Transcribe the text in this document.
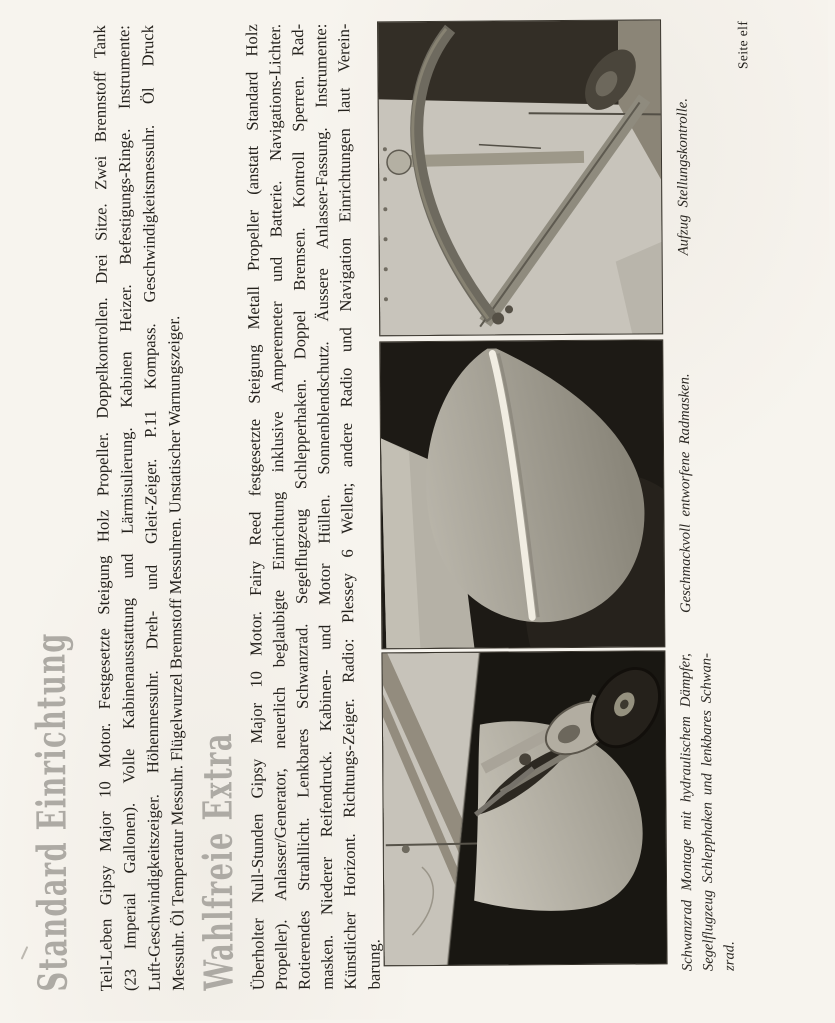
Standard Einrichtung Teil-Leben Gipsy Major 10 Motor. Festgesetzte Steigung Holz Propeller. Doppelkontrollen. Drei Sitze. Zwei Brennstoff Tank
(23 Imperial Gallonen). Volle Kabinenausstattung und Lärmisulierung. Kabinen Heizer. Befestigungs-Ringe. Instrumente:
Luft-Geschwindigkeitszeiger. Höhenmessuhr. Dreh- und Gleit-Zeiger. P.11 Kompass. Geschwindigkeitsmessuhr. Öl Druck Messuhr. Öl Temperatur Messuhr. Flügelwurzel Brennstoff Messuhren. Unstatischer Warnungszeiger. Wahlfreie Extra Überholter Null-Stunden Gipsy Major 10 Motor. Fairy Reed festgesetzte Steigung Metall Propeller (anstatt Standard Holz
Propeller). Anlasser/Generator, neuerlich beglaubigte Einrichtung inklusive Amperemeter und Batterie. Navigations-Lichter.
Rotierendes Strahllicht. Lenkbares Schwanzrad. Segelflugzeug Schlepperhaken. Doppel Bremsen. Kontroll Sperren. Rad-
masken. Niederer Reifendruck. Kabinen- und Motor Hüllen. Sonnenblendschutz. Äussere Anlasser-Fassung. Instrumente:
Künstlicher Horizont. Richtungs-Zeiger. Radio: Plessey 6 Wellen; andere Radio und Navigation Einrichtungen laut Verein- barung.	Schwanzrad Montage mit hydraulischem Dämpfer, Segelflugzeug Schlepphaken und lenkbares Schwan- zrad.
Geschmackvoll  entworfene  Radmasken.
Aufzug  Stellungskontrolle.
Seite elf
